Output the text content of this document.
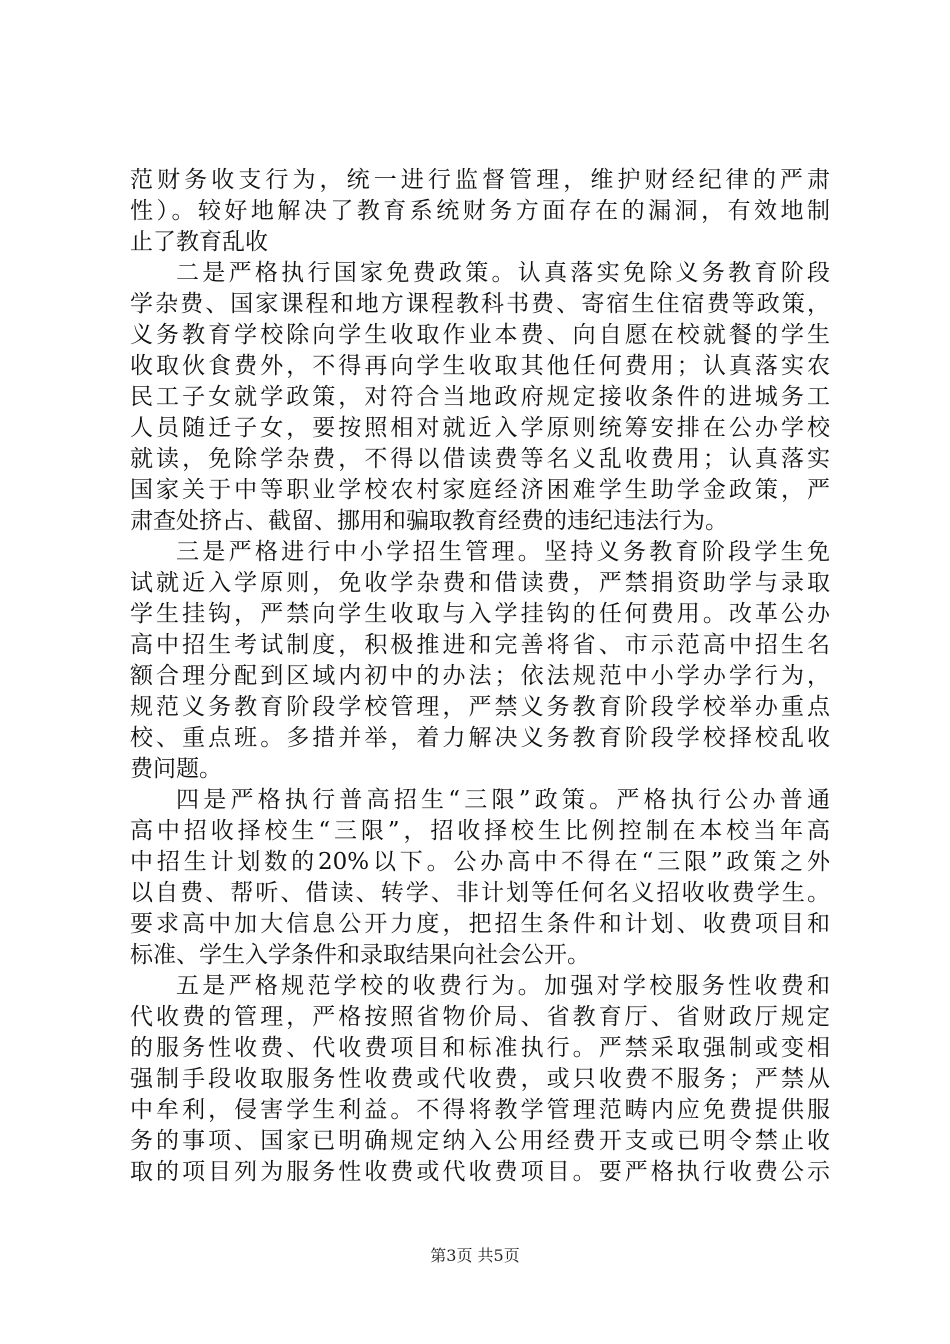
范财务收支行为，统一进行监督管理，维护财经纪律的严肃
性）。较好地解决了教育系统财务方面存在的漏洞，有效地制
止了教育乱收
二是严格执行国家免费政策。认真落实免除义务教育阶段
学杂费、国家课程和地方课程教科书费、寄宿生住宿费等政策，
义务教育学校除向学生收取作业本费、向自愿在校就餐的学生
收取伙食费外，不得再向学生收取其他任何费用；认真落实农
民工子女就学政策，对符合当地政府规定接收条件的进城务工
人员随迁子女，要按照相对就近入学原则统筹安排在公办学校
就读，免除学杂费，不得以借读费等名义乱收费用；认真落实
国家关于中等职业学校农村家庭经济困难学生助学金政策，严
肃查处挤占、截留、挪用和骗取教育经费的违纪违法行为。
三是严格进行中小学招生管理。坚持义务教育阶段学生免
试就近入学原则，免收学杂费和借读费，严禁捐资助学与录取
学生挂钩，严禁向学生收取与入学挂钩的任何费用。改革公办
高中招生考试制度，积极推进和完善将省、市示范高中招生名
额合理分配到区域内初中的办法；依法规范中小学办学行为，
规范义务教育阶段学校管理，严禁义务教育阶段学校举办重点
校、重点班。多措并举，着力解决义务教育阶段学校择校乱收
费问题。
四是严格执行普高招生“三限”政策。严格执行公办普通
高中招收择校生“三限”，招收择校生比例控制在本校当年高
中招生计划数的20%以下。公办高中不得在“三限”政策之外
以自费、帮听、借读、转学、非计划等任何名义招收收费学生。
要求高中加大信息公开力度，把招生条件和计划、收费项目和
标准、学生入学条件和录取结果向社会公开。
五是严格规范学校的收费行为。加强对学校服务性收费和
代收费的管理，严格按照省物价局、省教育厅、省财政厅规定
的服务性收费、代收费项目和标准执行。严禁采取强制或变相
强制手段收取服务性收费或代收费，或只收费不服务；严禁从
中牟利，侵害学生利益。不得将教学管理范畴内应免费提供服
务的事项、国家已明确规定纳入公用经费开支或已明令禁止收
取的项目列为服务性收费或代收费项目。要严格执行收费公示
第3页 共5页
